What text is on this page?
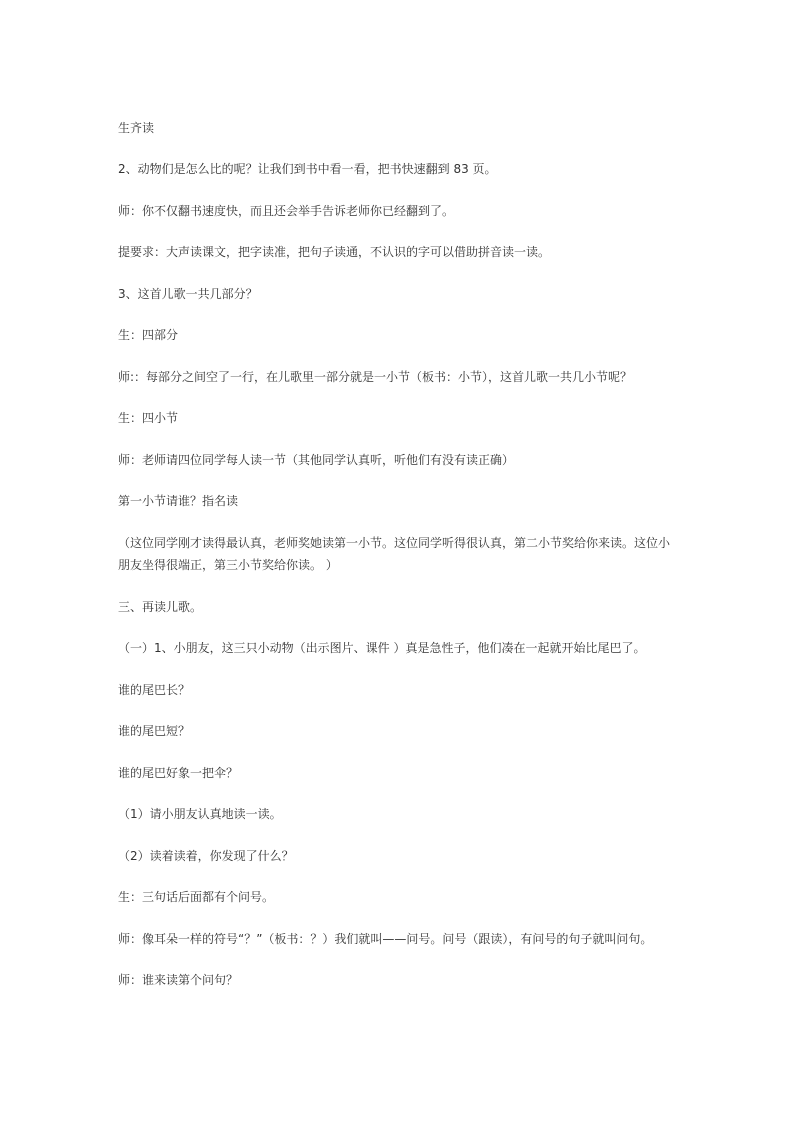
生齐读
2、动物们是怎么比的呢？让我们到书中看一看，把书快速翻到 83 页。
师：你不仅翻书速度快，而且还会举手告诉老师你已经翻到了。
提要求：大声读课文，把字读准，把句子读通，不认识的字可以借助拼音读一读。
3、这首儿歌一共几部分？
生：四部分
师:：每部分之间空了一行，在儿歌里一部分就是一小节（板书：小节），这首儿歌一共几小节呢？
生：四小节
师：老师请四位同学每人读一节（其他同学认真听，听他们有没有读正确）
第一小节请谁？指名读
（这位同学刚才读得最认真，老师奖她读第一小节。这位同学听得很认真，第二小节奖给你来读。这位小朋友坐得很端正，第三小节奖给你读。 ）
三、再读儿歌。
（一）1、小朋友，这三只小动物（出示图片、课件 ）真是急性子，他们凑在一起就开始比尾巴了。
谁的尾巴长？
谁的尾巴短？
谁的尾巴好象一把伞？
（1）请小朋友认真地读一读。
（2）读着读着，你发现了什么？
生：三句话后面都有个问号。
师：像耳朵一样的符号“？”（板书：？）我们就叫——问号。问号（跟读），有问号的句子就叫问句。
师：谁来读第个问句？
